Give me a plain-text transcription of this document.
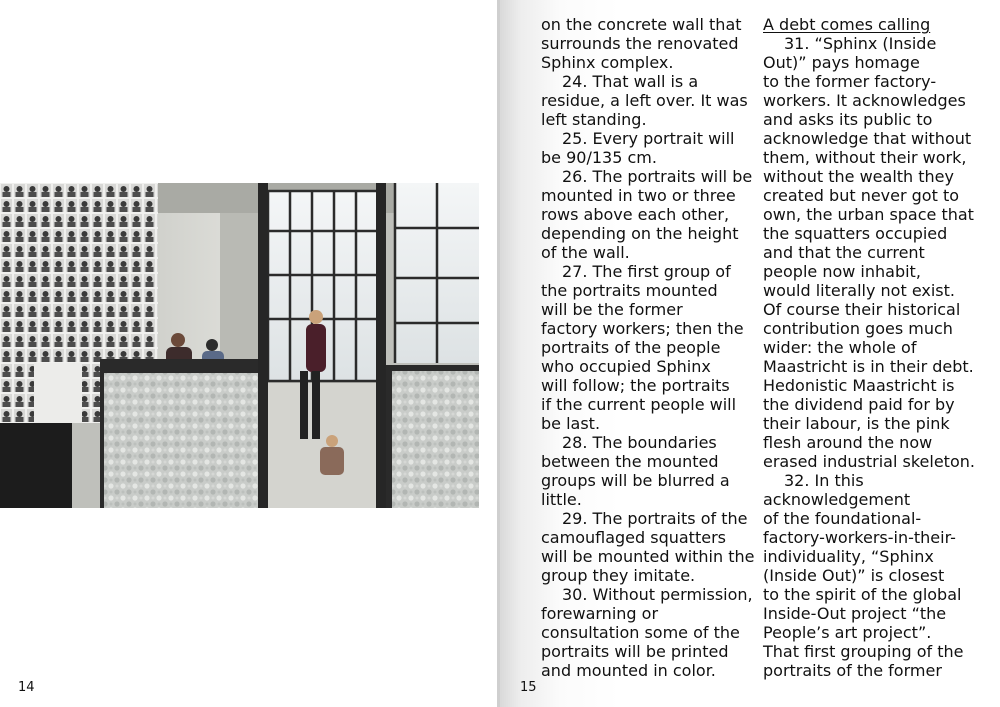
14
on the concrete wall that
surrounds the renovated
Sphinx complex.
24. That wall is a
residue, a left over. It was
left standing.
25. Every portrait will
be 90/135 cm.
26. The portraits will be
mounted in two or three
rows above each other,
depending on the height
of the wall.
27. The first group of
the portraits mounted
will be the former
factory workers; then the
portraits of the people
who occupied Sphinx
will follow; the portraits
if the current people will
be last.
28. The boundaries
between the mounted
groups will be blurred a
little.
29. The portraits of the
camouflaged squatters
will be mounted within the
group they imitate.
30. Without permission,
forewarning or
consultation some of the
portraits will be printed
and mounted in color.
A debt comes calling
31. “Sphinx (Inside
Out)” pays homage
to the former factory-
workers. It acknowledges
and asks its public to
acknowledge that without
them, without their work,
without the wealth they
created but never got to
own, the urban space that
the squatters occupied
and that the current
people now inhabit,
would literally not exist.
Of course their historical
contribution goes much
wider: the whole of
Maastricht is in their debt.
Hedonistic Maastricht is
the dividend paid for by
their labour, is the pink
flesh around the now
erased industrial skeleton.
32. In this
acknowledgement
of the foundational-
factory-workers-in-their-
individuality, “Sphinx
(Inside Out)” is closest
to the spirit of the global
Inside-Out project “the
People’s art project”.
That first grouping of the
portraits of the former
15
